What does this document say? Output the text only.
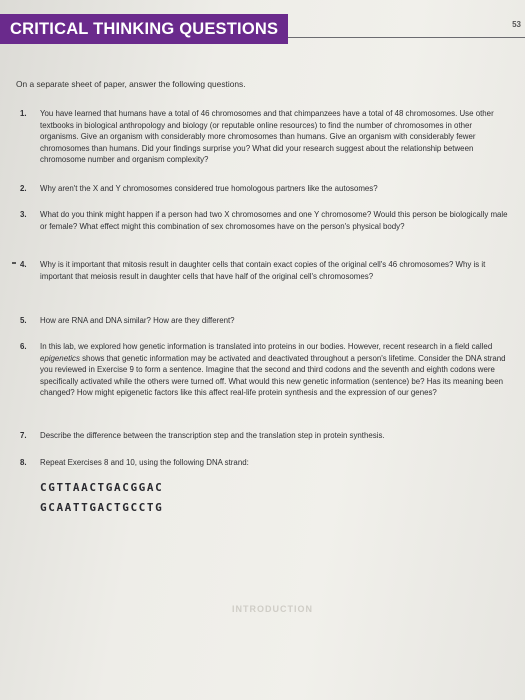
CRITICAL THINKING QUESTIONS	53
On a separate sheet of paper, answer the following questions.
1. You have learned that humans have a total of 46 chromosomes and that chimpanzees have a total of 48 chromosomes. Use other textbooks in biological anthropology and biology (or reputable online resources) to find the number of chromosomes in other organisms. Give an organism with considerably more chromosomes than humans. Give an organism with considerably fewer chromosomes than humans. Did your findings surprise you? What did your research suggest about the relationship between chromosome number and organism complexity?
2. Why aren't the X and Y chromosomes considered true homologous partners like the autosomes?
3. What do you think might happen if a person had two X chromosomes and one Y chromosome? Would this person be biologically male or female? What effect might this combination of sex chromosomes have on the person's physical body?
4. Why is it important that mitosis result in daughter cells that contain exact copies of the original cell's 46 chromosomes? Why is it important that meiosis result in daughter cells that have half of the original cell's chromosomes?
5. How are RNA and DNA similar? How are they different?
6. In this lab, we explored how genetic information is translated into proteins in our bodies. However, recent research in a field called epigenetics shows that genetic information may be activated and deactivated throughout a person's lifetime. Consider the DNA strand you reviewed in Exercise 9 to form a sentence. Imagine that the second and third codons and the seventh and eighth codons were specifically activated while the others were turned off. What would this new genetic information (sentence) be? Has its meaning been changed? How might epigenetic factors like this affect real-life protein synthesis and the expression of our genes?
7. Describe the difference between the transcription step and the translation step in protein synthesis.
8. Repeat Exercises 8 and 10, using the following DNA strand:
CGTTAACTGACGGAC
GCAATTGACTGCCTG
INTRODUCTION
